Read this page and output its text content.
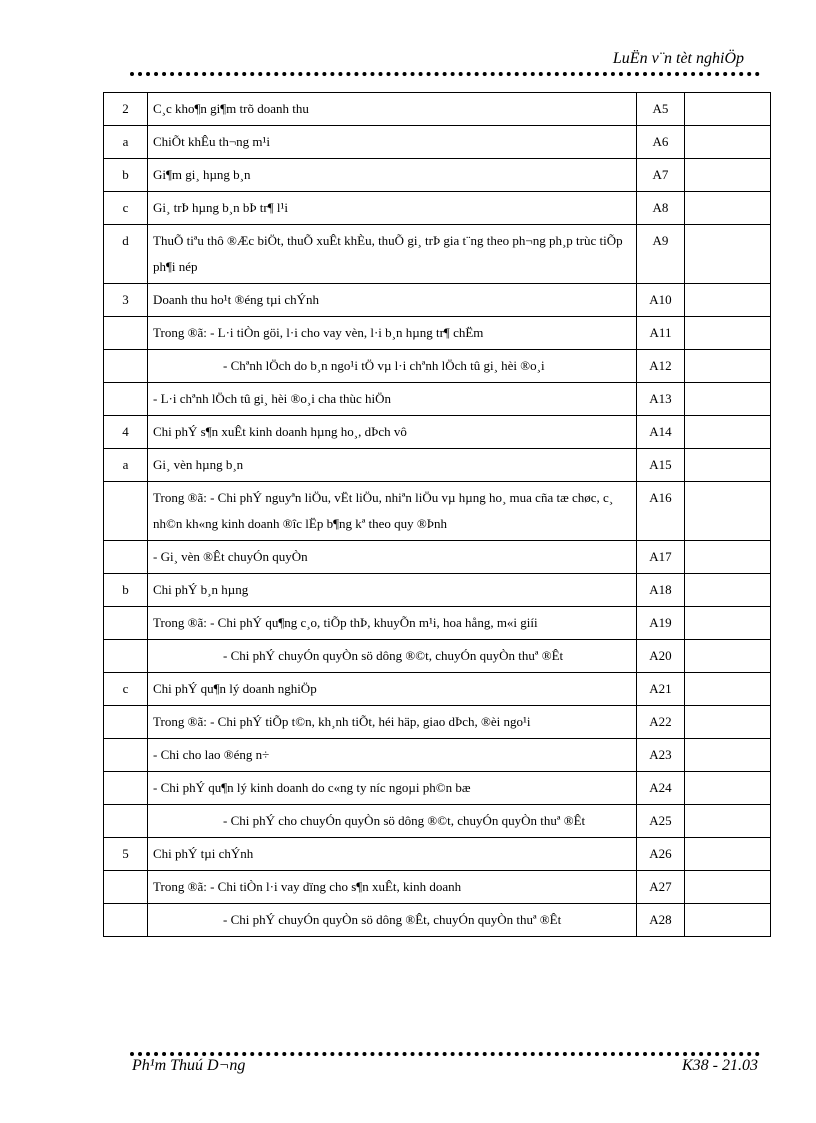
LuËn v¨n tèt nghiÖp
2	C¸c kho¶n gi¶m trõ doanh thu	A5	
a	ChiÕt khÊu th¬ng m¹i	A6	
b	Gi¶m gi¸ hµng b¸n	A7	
c	Gi¸ trÞ hµng b¸n bÞ tr¶ l¹i	A8	
d	ThuÕ tiªu thô ®Æc biÖt, thuÕ xuÊt khÈu, thuÕ gi¸ trÞ gia t¨ng theo ph¬ng ph¸p trùc tiÕp ph¶i nép	A9	
3	Doanh thu ho¹t ®éng tµi chÝnh	A10	
	Trong ®ã: - L·i tiÒn göi, l·i cho vay vèn, l·i b¸n hµng tr¶ chËm	A11	
	- Chªnh lÖch do b¸n ngo¹i tÖ vµ l·i chªnh lÖch tû gi¸ hèi ®o¸i	A12	
	- L·i chªnh lÖch tû gi¸ hèi ®o¸i cha thùc hiÖn	A13	
4	Chi phÝ s¶n xuÊt kinh doanh hµng ho¸, dÞch vô	A14	
a	Gi¸ vèn hµng b¸n	A15	
	Trong ®ã: - Chi phÝ nguyªn liÖu, vËt liÖu, nhiªn liÖu vµ hµng ho¸ mua cña tæ chøc, c¸ nh©n kh«ng kinh doanh ®îc lËp b¶ng kª theo quy ®Þnh	A16	
	- Gi¸ vèn ®Êt chuyÓn quyÒn	A17	
b	Chi phÝ b¸n hµng	A18	
	Trong ®ã: - Chi phÝ qu¶ng c¸o, tiÕp thÞ, khuyÕn m¹i, hoa hång, m«i giíi	A19	
	- Chi phÝ chuyÓn quyÒn sö dông ®©t, chuyÓn quyÒn thuª ®Êt	A20	
c	Chi phÝ qu¶n lý doanh nghiÖp	A21	
	Trong ®ã: - Chi phÝ tiÕp t©n, kh¸nh tiÕt, héi häp, giao dÞch, ®èi ngo¹i	A22	
	- Chi cho lao ®éng n÷	A23	
	- Chi phÝ qu¶n lý kinh doanh do c«ng ty níc ngoµi ph©n bæ	A24	
	- Chi phÝ cho chuyÓn quyÒn sö dông ®©t, chuyÓn quyÒn thuª ®Êt	A25	
5	Chi phÝ tµi chÝnh	A26	
	Trong ®ã: - Chi tiÒn l·i vay dïng cho s¶n xuÊt, kinh doanh	A27	
	- Chi phÝ chuyÓn quyÒn sö dông ®Êt, chuyÓn quyÒn thuª ®Êt	A28	
Ph¹m Thuú D¬ng	K38 - 21.03
